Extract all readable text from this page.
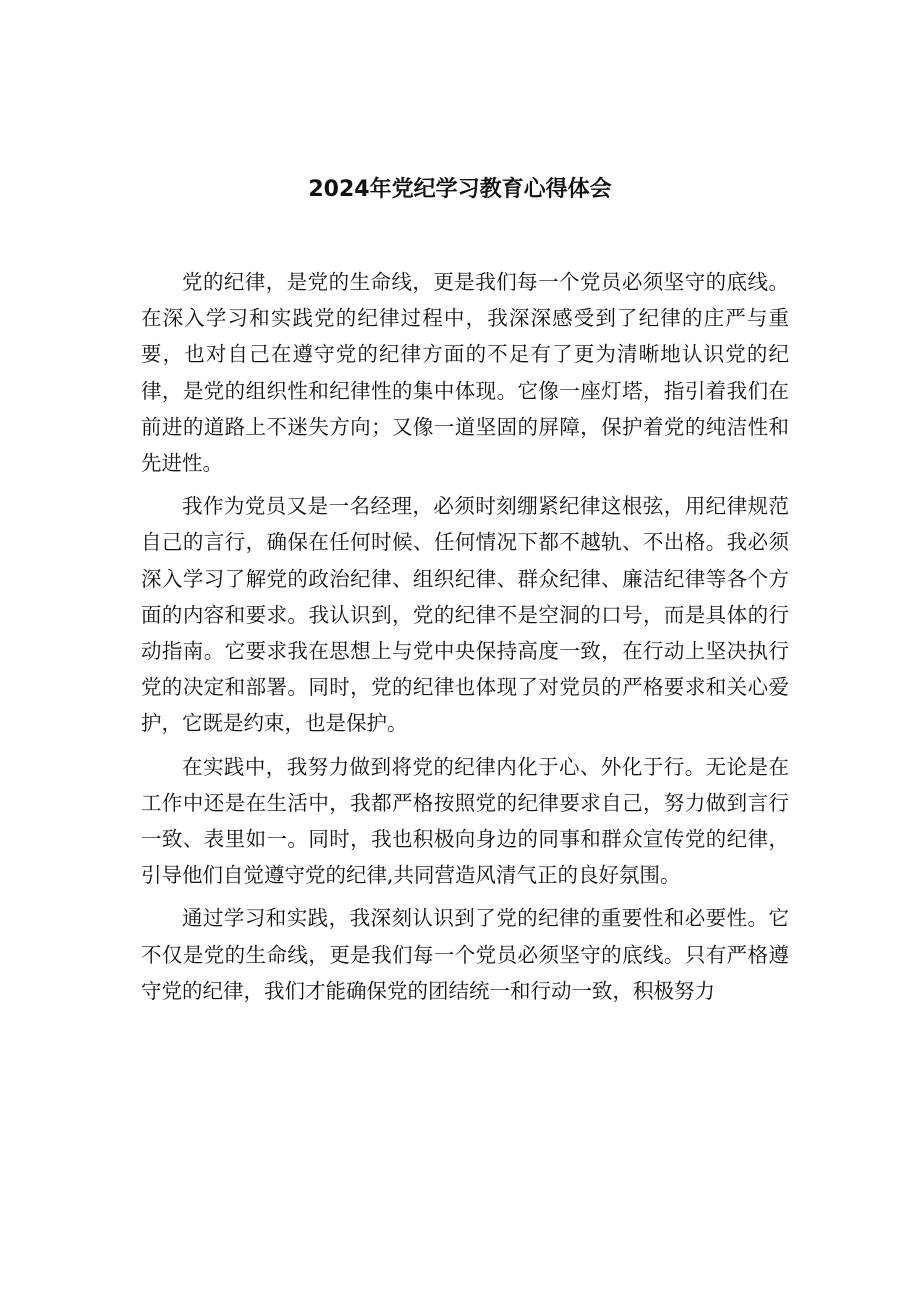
2024年党纪学习教育心得体会

党的纪律，是党的生命线，更是我们每一个党员必须坚守的底线。在深入学习和实践党的纪律过程中，我深深感受到了纪律的庄严与重要，也对自己在遵守党的纪律方面的不足有了更为清晰地认识党的纪律，是党的组织性和纪律性的集中体现。它像一座灯塔，指引着我们在前进的道路上不迷失方向；又像一道坚固的屏障，保护着党的纯洁性和先进性。

我作为党员又是一名经理，必须时刻绷紧纪律这根弦，用纪律规范自己的言行，确保在任何时候、任何情况下都不越轨、不出格。我必须深入学习了解党的政治纪律、组织纪律、群众纪律、廉洁纪律等各个方面的内容和要求。我认识到，党的纪律不是空洞的口号，而是具体的行动指南。它要求我在思想上与党中央保持高度一致，在行动上坚决执行党的决定和部署。同时，党的纪律也体现了对党员的严格要求和关心爱护，它既是约束，也是保护。

在实践中，我努力做到将党的纪律内化于心、外化于行。无论是在工作中还是在生活中，我都严格按照党的纪律要求自己，努力做到言行一致、表里如一。同时，我也积极向身边的同事和群众宣传党的纪律，引导他们自觉遵守党的纪律,共同营造风清气正的良好氛围。

通过学习和实践，我深刻认识到了党的纪律的重要性和必要性。它不仅是党的生命线，更是我们每一个党员必须坚守的底线。只有严格遵守党的纪律，我们才能确保党的团结统一和行动一致，积极努力
